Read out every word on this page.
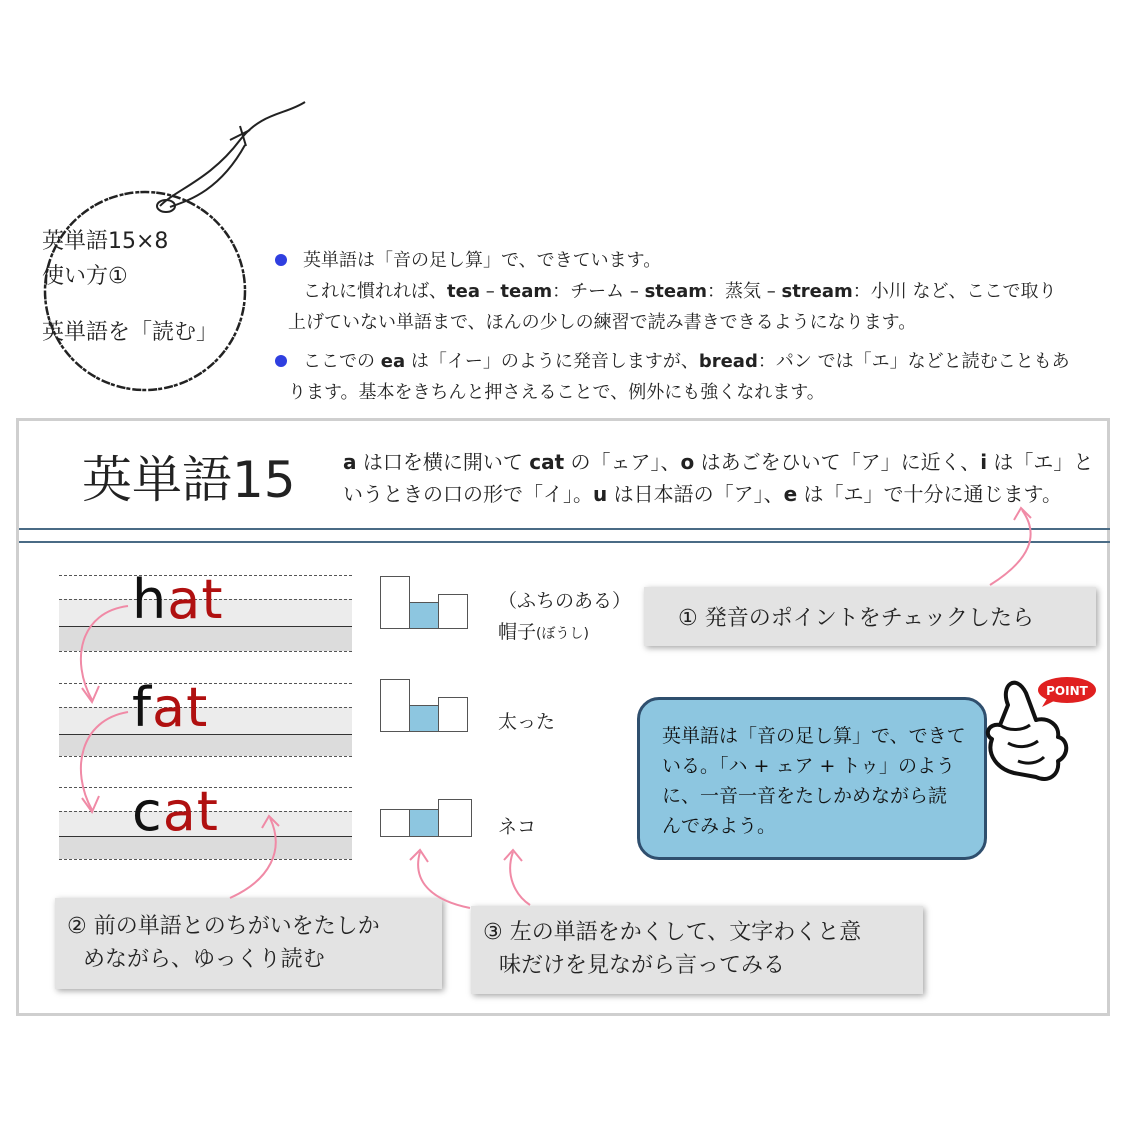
英単語15×8
使い方①
英単語を「読む」
英単語は「音の足し算」で、できています。
これに慣れれば、tea – team：チーム – steam：蒸気 – stream：小川 など、ここで取り
上げていない単語まで、ほんの少しの練習で読み書きできるようになります。
ここでの ea は「イー」のように発音しますが、bread：パン では「エ」などと読むこともあ
ります。基本をきちんと押さえることで、例外にも強くなれます。
英単語15 a は口を横に開いて cat の「ェア」、o はあごをひいて「ア」に近く、i は「エ」と
いうときの口の形で「イ」。u は日本語の「ア」、e は「エ」で十分に通じます。
hat
fat
cat
（ふちのある）
帽子(ぼうし)
太った
ネコ
① 発音のポイントをチェックしたら
② 前の単語とのちがいをたしか
めながら、ゆっくり読む
③ 左の単語をかくして、文字わくと意
味だけを見ながら言ってみる
英単語は「音の足し算」で、できて
いる。「ハ + ェア + トゥ」のよう
に、一音一音をたしかめながら読
んでみよう。
POINT
